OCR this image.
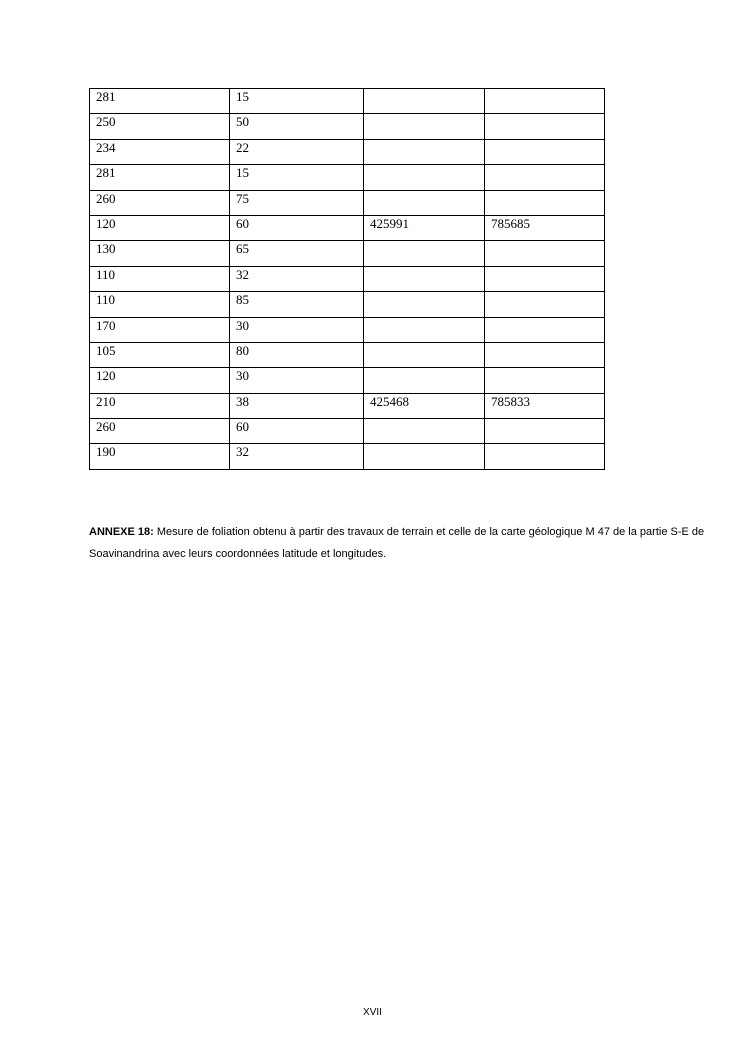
281	15		
250	50		
234	22		
281	15		
260	75		
120	60	425991	785685
130	65		
110	32		
110	85		
170	30		
105	80		
120	30		
210	38	425468	785833
260	60		
190	32		
ANNEXE 18: Mesure de foliation obtenu à partir des travaux de terrain et celle de la carte géologique M 47 de la partie S-E de Soavinandrina avec leurs coordonnées latitude et longitudes.
XVII
